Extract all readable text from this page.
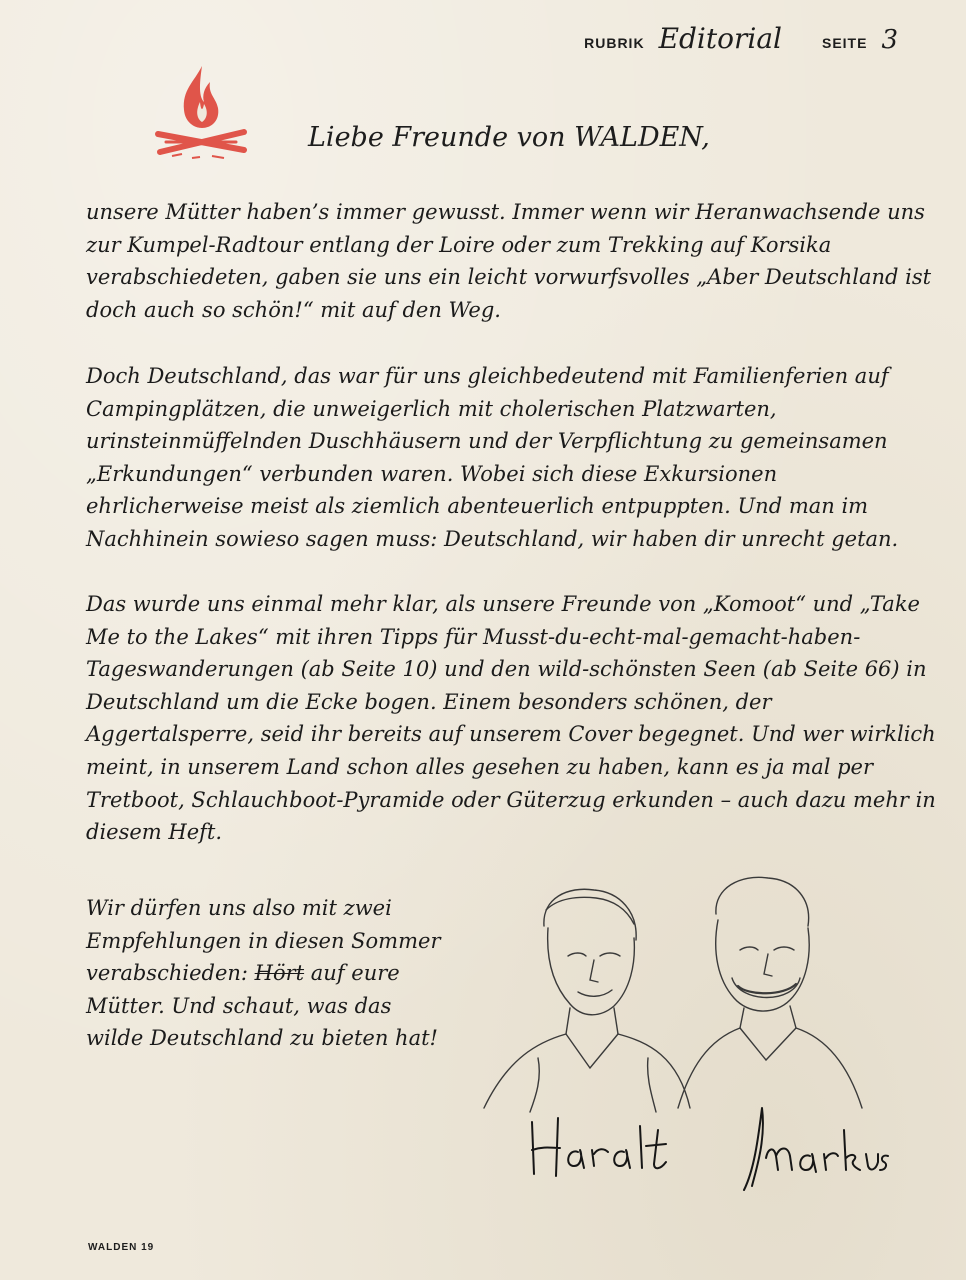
RUBRIK Editorial	SEITE 3
Liebe Freunde von WALDEN,

unsere Mütter haben’s immer gewusst. Immer wenn wir Heranwachsende uns zur Kumpel-Radtour entlang der Loire oder zum Trekking auf Korsika verabschiedeten, gaben sie uns ein leicht vorwurfsvolles „Aber Deutschland ist doch auch so schön!“ mit auf den Weg.

Doch Deutschland, das war für uns gleichbedeutend mit Familienferien auf Campingplätzen, die unweigerlich mit cholerischen Platzwarten, urinsteinmüffelnden Duschhäusern und der Verpflichtung zu gemeinsamen „Erkundungen“ verbunden waren. Wobei sich diese Exkursionen ehrlicherweise meist als ziemlich abenteuerlich entpuppten. Und man im Nachhinein sowieso sagen muss: Deutschland, wir haben dir unrecht getan.

Das wurde uns einmal mehr klar, als unsere Freunde von „Komoot“ und „Take Me to the Lakes“ mit ihren Tipps für Musst-du-echt-mal-gemacht-haben-Tageswanderungen (ab Seite 10) und den wild-schönsten Seen (ab Seite 66) in Deutschland um die Ecke bogen. Einem besonders schönen, der Aggertalsperre, seid ihr bereits auf unserem Cover begegnet. Und wer wirklich meint, in unserem Land schon alles gesehen zu haben, kann es ja mal per Tretboot, Schlauchboot-Pyramide oder Güterzug erkunden – auch dazu mehr in diesem Heft.

Wir dürfen uns also mit zwei Empfehlungen in diesen Sommer verabschieden: Hört auf eure Mütter. Und schaut, was das wilde Deutschland zu bieten hat!

WALDEN 19
